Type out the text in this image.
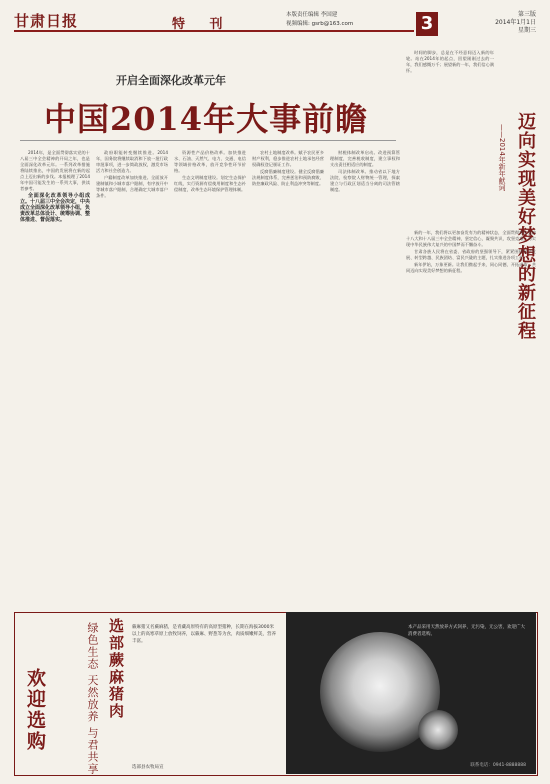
甘肃日报	特 刊
本版责任编辑 李国建
视频编辑: gsrb@163.com	3	第三版
2014年1月1日
星期三
开启全面深化改革元年
中国2014年大事前瞻	迈向实现美好梦想的新征程
——2014年新年献词

2014年，是全面贯彻落实党的十八届三中全会精神的开局之年，也是全面深化改革元年。一系列改革措施将陆续推出，中国的发展将在新的起点上迈出新的步伐。本报梳理了2014年中国可能发生的一系列大事，供读者参考。

全面深化改革领导小组成立。十八届三中全会决定，中央成立全面深化改革领导小组，负责改革总体设计、统筹协调、整体推进、督促落实。

政府职能转变继续推进。2014年，国务院将继续取消和下放一批行政审批事项，进一步简政放权，激发市场活力和社会创造力。

户籍制度改革加快推进。全面放开建制镇和小城市落户限制，有序放开中等城市落户限制，合理确定大城市落户条件。

资源性产品价格改革。加快推进水、石油、天然气、电力、交通、电信等领域价格改革，放开竞争性环节价格。

生态文明制度建设。划定生态保护红线，实行资源有偿使用制度和生态补偿制度，改革生态环境保护管理体制。

农村土地制度改革。赋予农民更多财产权利，稳步推进农村土地承包经营权确权登记颁证工作。

反腐倡廉制度建设。健全反腐倡廉法规制度体系，完善惩治和预防腐败、防控廉政风险、防止利益冲突等制度。

财税体制改革启动。改进预算管理制度，完善税收制度，建立事权和支出责任相适应的制度。

司法体制改革。推动省以下地方法院、检察院人财物统一管理，探索建立与行政区划适当分离的司法管辖制度。

时间的脚步，总是在不经意间迈入新的年轮。站在2014年的起点，回望刚刚过去的一年，我们感慨万千；展望新的一年，我们信心满怀。

新的一年，我们将以更加奋发有为的精神状态，全面贯彻落实党的十八大和十八届三中全会精神，坚定信心，凝聚共识，攻坚克难，为实现中华民族伟大复兴的中国梦而不懈奋斗。

甘肃各族人民将在省委、省政府的坚强领导下，紧紧围绕科学发展、转型跨越、民族团结、富民兴陇的主题，扎实推进各项工作。

新年伊始，万象更新。让我们携起手来，同心同德，开拓进取，共同迈向实现美好梦想的新征程。

欢迎选购	绿色生态 天然放养 与君共享 选部蕨麻猪肉	蕨麻猪又名蕨麻猪，是青藏高原特有的高原型猪种，长期在海拔3000米以上的高寒草原上放牧饲养，以蕨麻、野葱等为食，肉质细嫩鲜美，营养丰富。
选部县农牧局宣
本产品采用天然放养方式饲养，无污染，无公害，欢迎广大消费者选购。
联系电话：0941-8888888
